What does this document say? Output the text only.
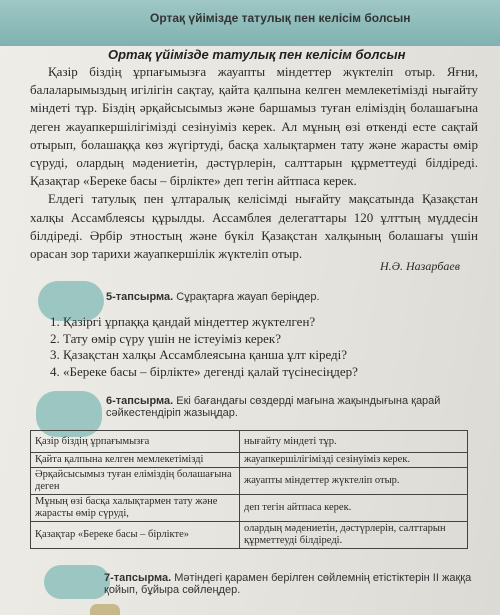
Ортақ үйімізде татулық пен келісім болсын
Ортақ үйімізде татулық пен келісім болсын

Қазір біздің ұрпағымызға жауапты міндеттер жүктеліп отыр. Яғни, балаларымыздың игілігін сақтау, қайта қалпына келген мемлекетімізді нығайту міндеті тұр. Біздің әрқайсысымыз және баршамыз туған еліміздің болашағына деген жауапкершілігімізді сезінуіміз керек. Ал мұның өзі өткенді есте сақтай отырып, болашаққа көз жүгіртуді, басқа халықтармен тату және жарасты өмір сүруді, олардың мәдениетін, дәстүрлерін, салттарын құрметтеуді білдіреді. Қазақтар «Береке басы – бірлікте» деп тегін айтпаса керек.

Елдегі татулық пен ұлтаралық келісімді нығайту мақсатында Қазақстан халқы Ассамблеясы құрылды. Ассамблея делегаттары 120 ұлттың мүддесін білдіреді. Әрбір этностың және бүкіл Қазақстан халқының болашағы үшін орасан зор тарихи жауапкершілік жүктеліп отыр.

Н.Ә. Назарбаев
5-тапсырма. Сұрақтарға жауап беріңдер.
1. Қазіргі ұрпаққа қандай міндеттер жүктелген?
2. Тату өмір сүру үшін не істеуіміз керек?
3. Қазақстан халқы Ассамблеясына қанша ұлт кіреді?
4. «Береке басы – бірлікте» дегенді қалай түсінесіңдер?
6-тапсырма. Екі бағандағы сөздерді мағына жақындығына қарай сәйкестендіріп жазыңдар.
Қазір біздің ұрпағымызға	нығайту міндеті тұр.
Қайта қалпына келген мемлекетімізді	жауапкершілігімізді сезінуіміз керек.
Әрқайсысымыз туған еліміздің болашағына деген	жауапты міндеттер жүктеліп отыр.
Мұның өзі басқа халықтармен тату және жарасты өмір сүруді,	деп тегін айтпаса керек.
Қазақтар «Береке басы – бірлікте»	олардың мәдениетін, дәстүрлерін, салттарын құрметтеуді білдіреді.
7-тапсырма. Мәтіндегі қарамен берілген сөйлемнің етістіктерін ІІ жаққа қойып, бұйыра сөйлеңдер.
